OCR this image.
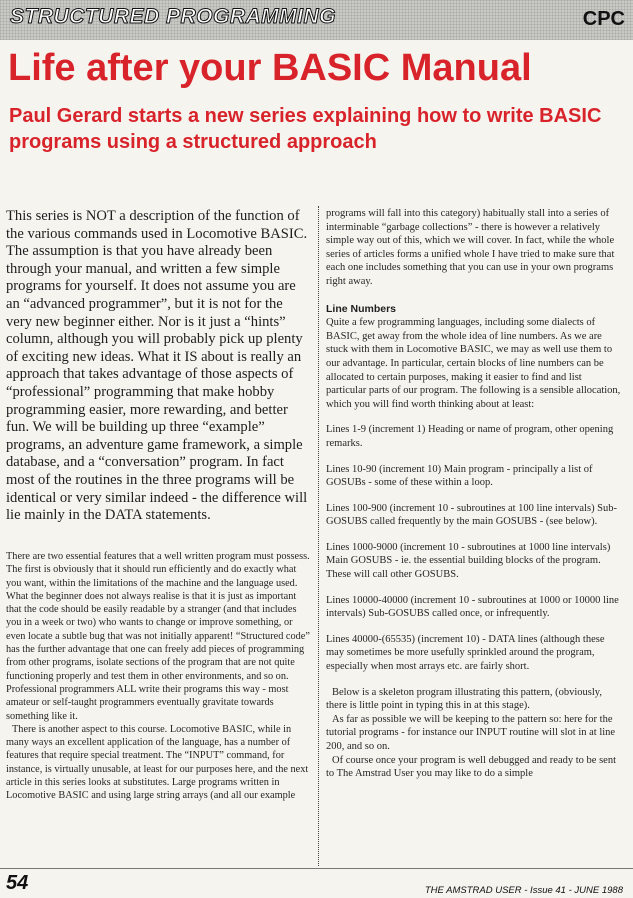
STRUCTURED PROGRAMMING	CPC
Life after your BASIC Manual
Paul Gerard starts a new series explaining how to write BASIC programs using a structured approach
This series is NOT a description of the function of the various commands used in Locomotive BASIC. The assumption is that you have already been through your manual, and written a few simple programs for yourself. It does not assume you are an “advanced programmer”, but it is not for the very new beginner either. Nor is it just a “hints” column, although you will probably pick up plenty of exciting new ideas. What it IS about is really an approach that takes advantage of those aspects of “professional” programming that make hobby programming easier, more rewarding, and better fun. We will be building up three “example” programs, an adventure game framework, a simple database, and a “conversation” program. In fact most of the routines in the three programs will be identical or very similar indeed - the difference will lie mainly in the DATA statements.

There are two essential features that a well written program must possess. The first is obviously that it should run efficiently and do exactly what you want, within the limitations of the machine and the language used. What the beginner does not always realise is that it is just as important that the code should be easily readable by a stranger (and that includes you in a week or two) who wants to change or improve something, or even locate a subtle bug that was not initially apparent! “Structured code” has the further advantage that one can freely add pieces of programming from other programs, isolate sections of the program that are not quite functioning properly and test them in other environments, and so on. Professional programmers ALL write their programs this way - most amateur or self-taught programmers eventually gravitate towards something like it.

There is another aspect to this course. Locomotive BASIC, while in many ways an excellent application of the language, has a number of features that require special treatment. The “INPUT” command, for instance, is virtually unusable, at least for our purposes here, and the next article in this series looks at substitutes. Large programs written in Locomotive BASIC and using large string arrays (and all our example

programs will fall into this category) habitually stall into a series of interminable “garbage collections” - there is however a relatively simple way out of this, which we will cover. In fact, while the whole series of articles forms a unified whole I have tried to make sure that each one includes something that you can use in your own programs right away.

Line Numbers

Quite a few programming languages, including some dialects of BASIC, get away from the whole idea of line numbers. As we are stuck with them in Locomotive BASIC, we may as well use them to our advantage. In particular, certain blocks of line numbers can be allocated to certain purposes, making it easier to find and list particular parts of our program. The following is a sensible allocation, which you will find worth thinking about at least:

Lines 1-9 (increment 1) Heading or name of program, other opening remarks.

Lines 10-90 (increment 10) Main program - principally a list of GOSUBs - some of these within a loop.

Lines 100-900 (increment 10 - subroutines at 100 line intervals) Sub-GOSUBS called frequently by the main GOSUBS - (see below).

Lines 1000-9000 (increment 10 - subroutines at 1000 line intervals) Main GOSUBS - ie. the essential building blocks of the program. These will call other GOSUBS.

Lines 10000-40000 (increment 10 - subroutines at 1000 or 10000 line intervals) Sub-GOSUBS called once, or infrequently.

Lines 40000-(65535) (increment 10) - DATA lines (although these may sometimes be more usefully sprinkled around the program, especially when most arrays etc. are fairly short.

Below is a skeleton program illustrating this pattern, (obviously, there is little point in typing this in at this stage).

As far as possible we will be keeping to the pattern so: here for the tutorial programs - for instance our INPUT routine will slot in at line 200, and so on.

Of course once your program is well debugged and ready to be sent to The Amstrad User you may like to do a simple

54	THE AMSTRAD USER - Issue 41 - JUNE 1988
